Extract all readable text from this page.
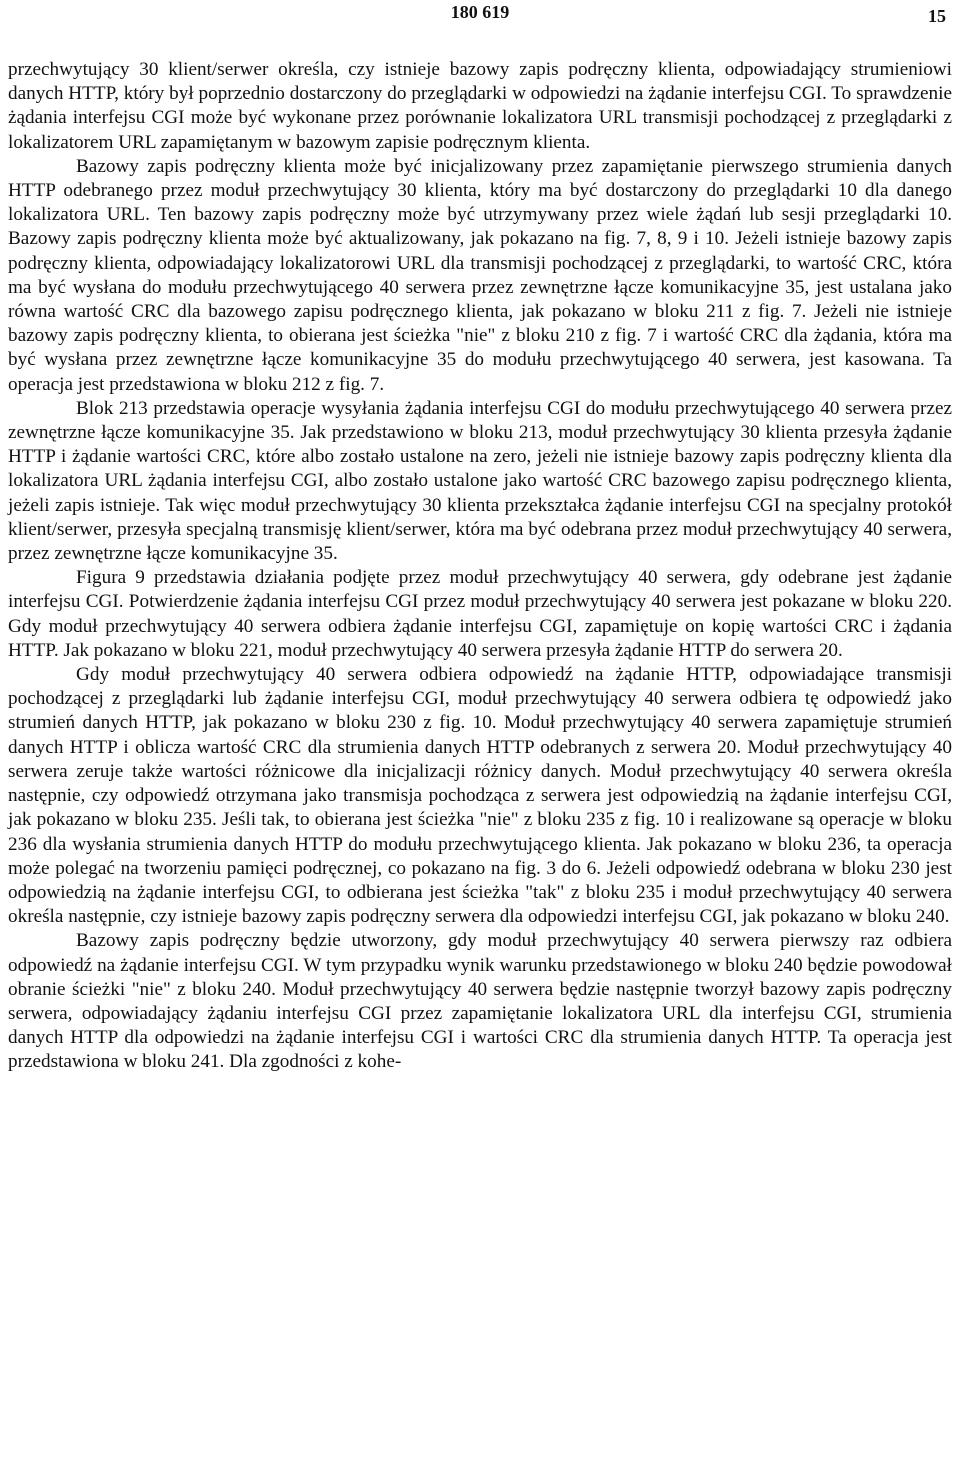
180 619	15

przechwytujący 30 klient/serwer określa, czy istnieje bazowy zapis podręczny klienta, odpowiadający strumieniowi danych HTTP, który był poprzednio dostarczony do przeglądarki w odpowiedzi na żądanie interfejsu CGI. To sprawdzenie żądania interfejsu CGI może być wykonane przez porównanie lokalizatora URL transmisji pochodzącej z przeglądarki z lokalizatorem URL zapamiętanym w bazowym zapisie podręcznym klienta.

Bazowy zapis podręczny klienta może być inicjalizowany przez zapamiętanie pierwszego strumienia danych HTTP odebranego przez moduł przechwytujący 30 klienta, który ma być dostarczony do przeglądarki 10 dla danego lokalizatora URL. Ten bazowy zapis podręczny może być utrzymywany przez wiele żądań lub sesji przeglądarki 10. Bazowy zapis podręczny klienta może być aktualizowany, jak pokazano na fig. 7, 8, 9 i 10. Jeżeli istnieje bazowy zapis podręczny klienta, odpowiadający lokalizatorowi URL dla transmisji pochodzącej z przeglądarki, to wartość CRC, która ma być wysłana do modułu przechwytującego 40 serwera przez zewnętrzne łącze komunikacyjne 35, jest ustalana jako równa wartość CRC dla bazowego zapisu podręcznego klienta, jak pokazano w bloku 211 z fig. 7. Jeżeli nie istnieje bazowy zapis podręczny klienta, to obierana jest ścieżka "nie" z bloku 210 z fig. 7 i wartość CRC dla żądania, która ma być wysłana przez zewnętrzne łącze komunikacyjne 35 do modułu przechwytującego 40 serwera, jest kasowana. Ta operacja jest przedstawiona w bloku 212 z fig. 7.

Blok 213 przedstawia operacje wysyłania żądania interfejsu CGI do modułu przechwytującego 40 serwera przez zewnętrzne łącze komunikacyjne 35. Jak przedstawiono w bloku 213, moduł przechwytujący 30 klienta przesyła żądanie HTTP i żądanie wartości CRC, które albo zostało ustalone na zero, jeżeli nie istnieje bazowy zapis podręczny klienta dla lokalizatora URL żądania interfejsu CGI, albo zostało ustalone jako wartość CRC bazowego zapisu podręcznego klienta, jeżeli zapis istnieje. Tak więc moduł przechwytujący 30 klienta przekształca żądanie interfejsu CGI na specjalny protokół klient/serwer, przesyła specjalną transmisję klient/serwer, która ma być odebrana przez moduł przechwytujący 40 serwera, przez zewnętrzne łącze komunikacyjne 35.

Figura 9 przedstawia działania podjęte przez moduł przechwytujący 40 serwera, gdy odebrane jest żądanie interfejsu CGI. Potwierdzenie żądania interfejsu CGI przez moduł przechwytujący 40 serwera jest pokazane w bloku 220. Gdy moduł przechwytujący 40 serwera odbiera żądanie interfejsu CGI, zapamiętuje on kopię wartości CRC i żądania HTTP. Jak pokazano w bloku 221, moduł przechwytujący 40 serwera przesyła żądanie HTTP do serwera 20.

Gdy moduł przechwytujący 40 serwera odbiera odpowiedź na żądanie HTTP, odpowiadające transmisji pochodzącej z przeglądarki lub żądanie interfejsu CGI, moduł przechwytujący 40 serwera odbiera tę odpowiedź jako strumień danych HTTP, jak pokazano w bloku 230 z fig. 10. Moduł przechwytujący 40 serwera zapamiętuje strumień danych HTTP i oblicza wartość CRC dla strumienia danych HTTP odebranych z serwera 20. Moduł przechwytujący 40 serwera zeruje także wartości różnicowe dla inicjalizacji różnicy danych. Moduł przechwytujący 40 serwera określa następnie, czy odpowiedź otrzymana jako transmisja pochodząca z serwera jest odpowiedzią na żądanie interfejsu CGI, jak pokazano w bloku 235. Jeśli tak, to obierana jest ścieżka "nie" z bloku 235 z fig. 10 i realizowane są operacje w bloku 236 dla wysłania strumienia danych HTTP do modułu przechwytującego klienta. Jak pokazano w bloku 236, ta operacja może polegać na tworzeniu pamięci podręcznej, co pokazano na fig. 3 do 6. Jeżeli odpowiedź odebrana w bloku 230 jest odpowiedzią na żądanie interfejsu CGI, to odbierana jest ścieżka "tak" z bloku 235 i moduł przechwytujący 40 serwera określa następnie, czy istnieje bazowy zapis podręczny serwera dla odpowiedzi interfejsu CGI, jak pokazano w bloku 240.

Bazowy zapis podręczny będzie utworzony, gdy moduł przechwytujący 40 serwera pierwszy raz odbiera odpowiedź na żądanie interfejsu CGI. W tym przypadku wynik warunku przedstawionego w bloku 240 będzie powodował obranie ścieżki "nie" z bloku 240. Moduł przechwytujący 40 serwera będzie następnie tworzył bazowy zapis podręczny serwera, odpowiadający żądaniu interfejsu CGI przez zapamiętanie lokalizatora URL dla interfejsu CGI, strumienia danych HTTP dla odpowiedzi na żądanie interfejsu CGI i wartości CRC dla strumienia danych HTTP. Ta operacja jest przedstawiona w bloku 241. Dla zgodności z kohe-
